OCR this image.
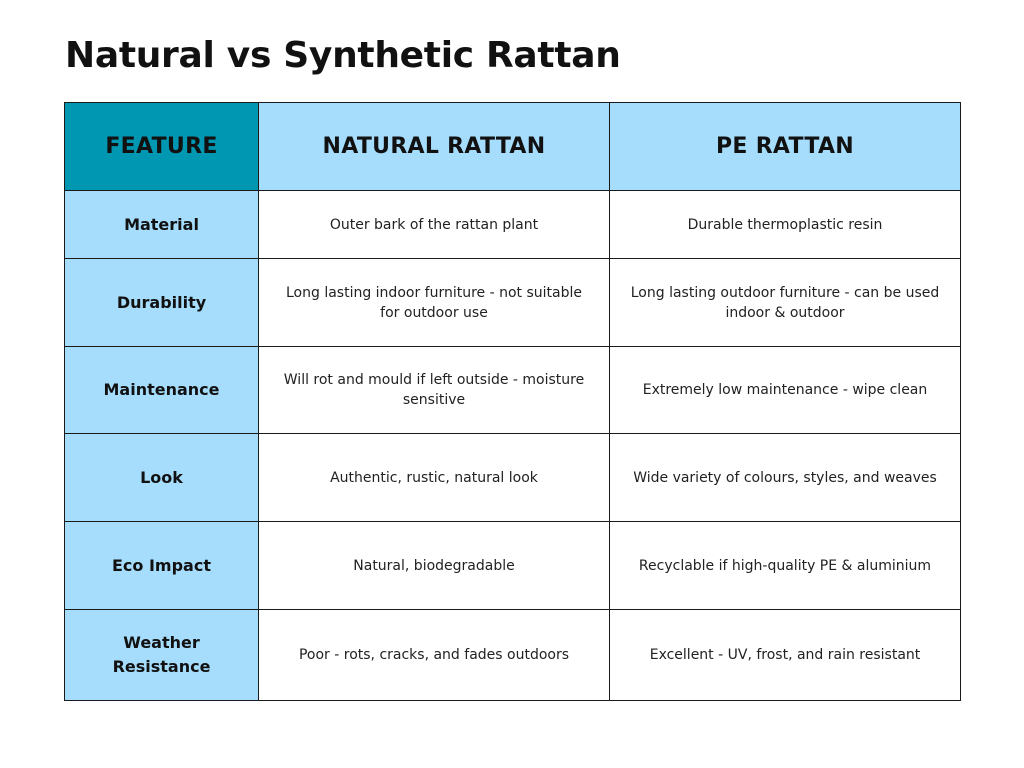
Natural vs Synthetic Rattan
FEATURE	NATURAL RATTAN	PE RATTAN
Material	Outer bark of the rattan plant	Durable thermoplastic resin
Durability	Long lasting indoor furniture - not suitable for outdoor use	Long lasting outdoor furniture - can be used indoor & outdoor
Maintenance	Will rot and mould if left outside - moisture sensitive	Extremely low maintenance - wipe clean
Look	Authentic, rustic, natural look	Wide variety of colours, styles, and weaves
Eco Impact	Natural, biodegradable	Recyclable if high-quality PE & aluminium
Weather Resistance	Poor - rots, cracks, and fades outdoors	Excellent - UV, frost, and rain resistant
